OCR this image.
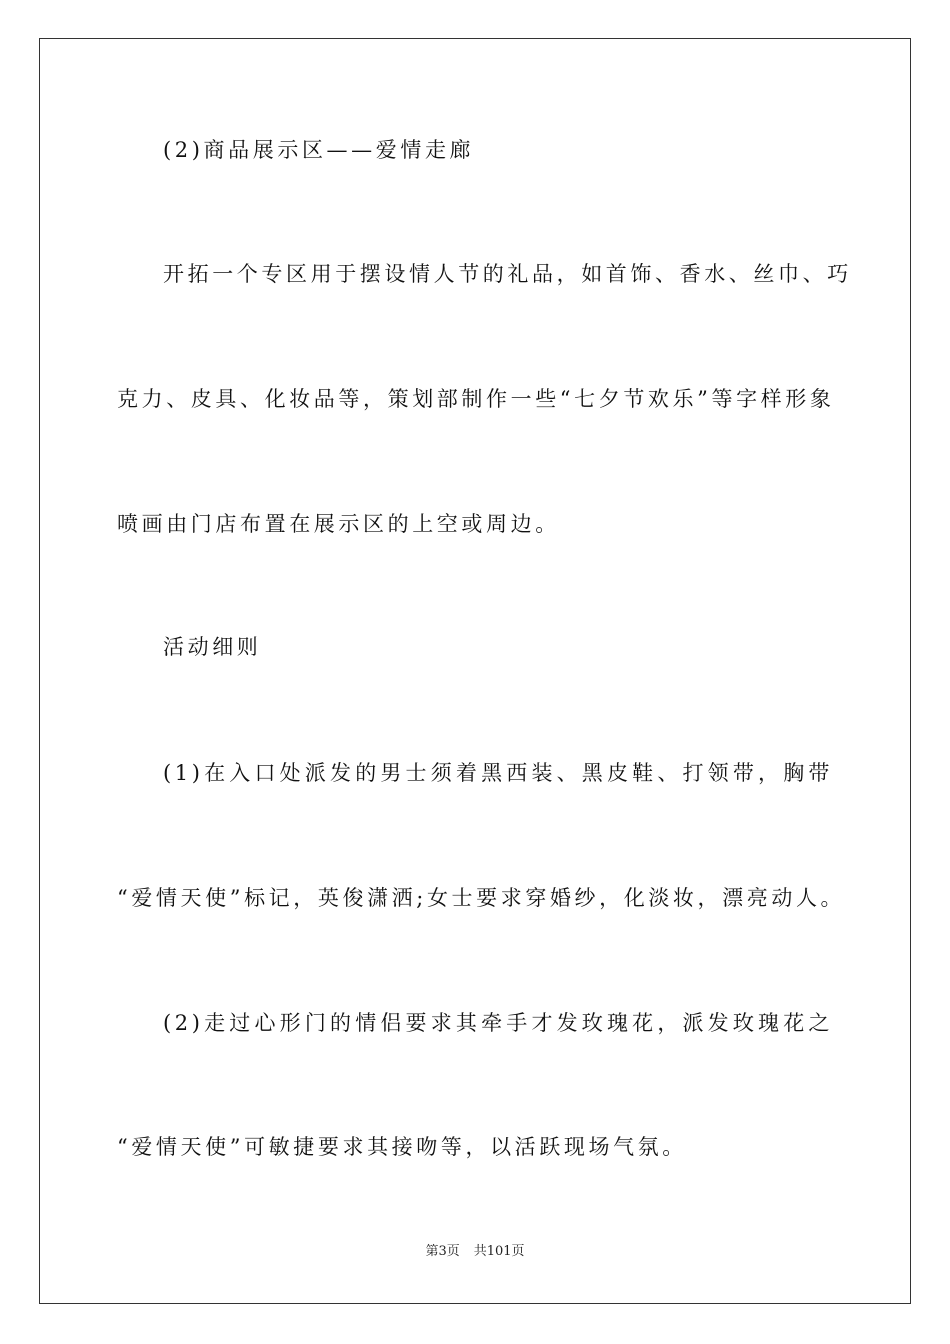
(2)商品展示区——爱情走廊
开拓一个专区用于摆设情人节的礼品，如首饰、香水、丝巾、巧
克力、皮具、化妆品等，策划部制作一些“七夕节欢乐”等字样形象
喷画由门店布置在展示区的上空或周边。
活动细则
(1)在入口处派发的男士须着黑西装、黑皮鞋、打领带，胸带
“爱情天使”标记，英俊潇洒;女士要求穿婚纱，化淡妆，漂亮动人。
(2)走过心形门的情侣要求其牵手才发玫瑰花，派发玫瑰花之
“爱情天使”可敏捷要求其接吻等，以活跃现场气氛。
第3页 共101页
